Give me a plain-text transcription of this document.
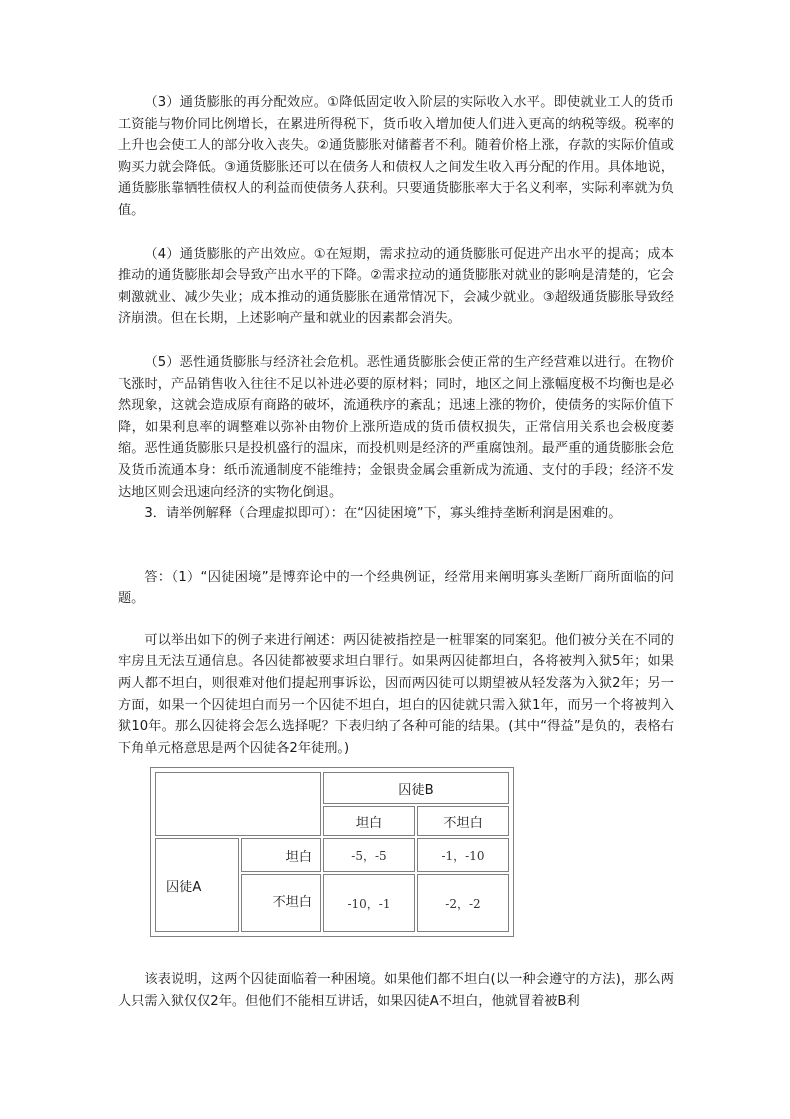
（3）通货膨胀的再分配效应。①降低固定收入阶层的实际收入水平。即使就业工人的货币工资能与物价同比例增长，在累进所得税下，货币收入增加使人们进入更高的纳税等级。税率的上升也会使工人的部分收入丧失。②通货膨胀对储蓄者不利。随着价格上涨，存款的实际价值或购买力就会降低。③通货膨胀还可以在债务人和债权人之间发生收入再分配的作用。具体地说，通货膨胀靠牺牲债权人的利益而使债务人获利。只要通货膨胀率大于名义利率，实际利率就为负值。

（4）通货膨胀的产出效应。①在短期，需求拉动的通货膨胀可促进产出水平的提高；成本推动的通货膨胀却会导致产出水平的下降。②需求拉动的通货膨胀对就业的影响是清楚的，它会刺激就业、减少失业；成本推动的通货膨胀在通常情况下，会减少就业。③超级通货膨胀导致经济崩溃。但在长期，上述影响产量和就业的因素都会消失。

（5）恶性通货膨胀与经济社会危机。恶性通货膨胀会使正常的生产经营难以进行。在物价飞涨时，产品销售收入往往不足以补进必要的原材料；同时，地区之间上涨幅度极不均衡也是必然现象，这就会造成原有商路的破坏，流通秩序的紊乱；迅速上涨的物价，使债务的实际价值下降，如果利息率的调整难以弥补由物价上涨所造成的货币债权损失，正常信用关系也会极度萎缩。恶性通货膨胀只是投机盛行的温床，而投机则是经济的严重腐蚀剂。最严重的通货膨胀会危及货币流通本身：纸币流通制度不能维持；金银贵金属会重新成为流通、支付的手段；经济不发达地区则会迅速向经济的实物化倒退。

3．请举例解释（合理虚拟即可）：在“囚徒困境”下，寡头维持垄断利润是困难的。

答：（1）“囚徒困境”是博弈论中的一个经典例证，经常用来阐明寡头垄断厂商所面临的问题。

可以举出如下的例子来进行阐述：两囚徒被指控是一桩罪案的同案犯。他们被分关在不同的牢房且无法互通信息。各囚徒都被要求坦白罪行。如果两囚徒都坦白，各将被判入狱5年；如果两人都不坦白，则很难对他们提起刑事诉讼，因而两囚徒可以期望被从轻发落为入狱2年；另一方面，如果一个囚徒坦白而另一个囚徒不坦白，坦白的囚徒就只需入狱1年，而另一个将被判入狱10年。那么囚徒将会怎么选择呢？下表归纳了各种可能的结果。(其中“得益”是负的，表格右下角单元格意思是两个囚徒各2年徒刑。)

		囚徒B	
		坦白	不坦白
囚徒A	坦白	-5，-5	-1，-10
	不坦白	-10，-1	-2，-2

该表说明，这两个囚徒面临着一种困境。如果他们都不坦白(以一种会遵守的方法)，那么两人只需入狱仅仅2年。但他们不能相互讲话，如果囚徒A不坦白，他就冒着被B利
